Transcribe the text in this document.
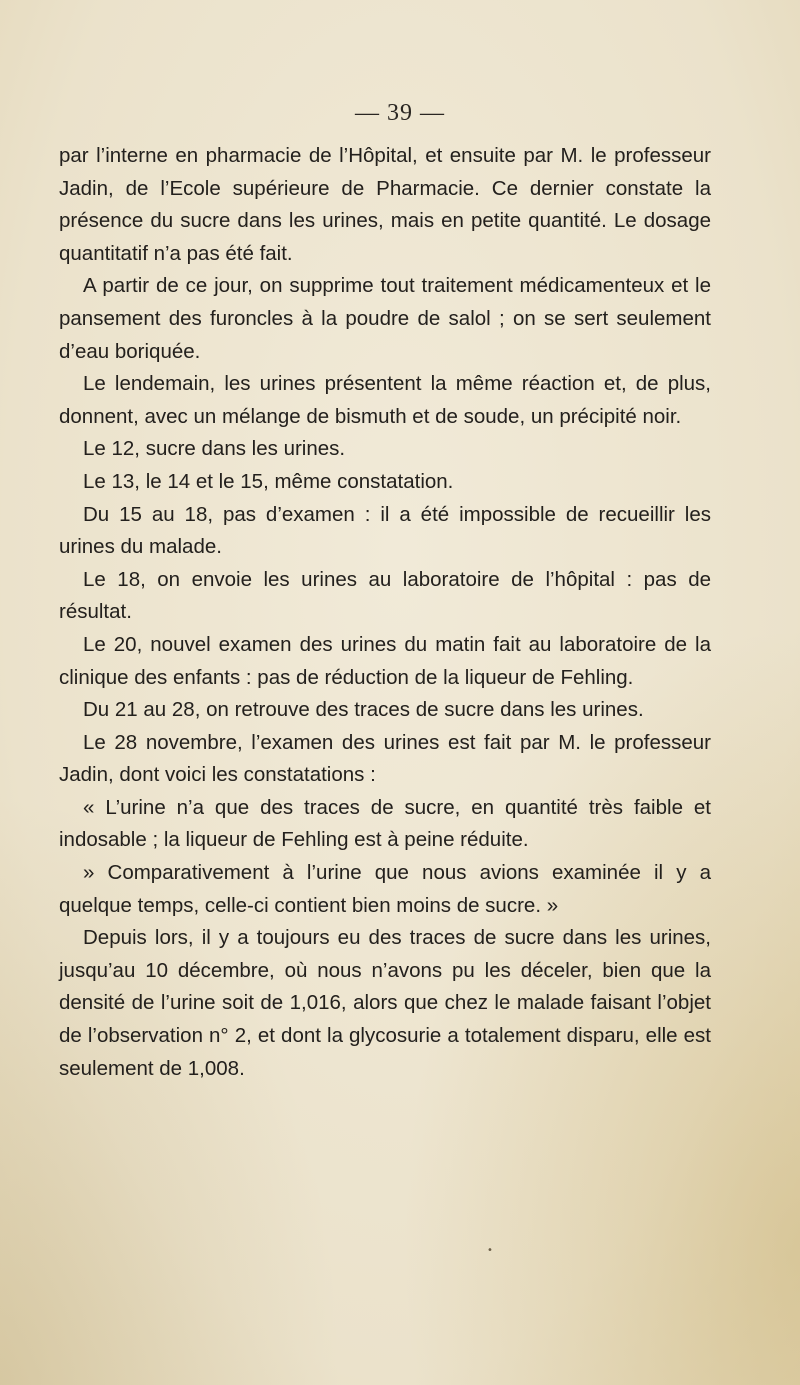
— 39 —

par l’interne en pharmacie de l’Hôpital, et ensuite par M. le professeur Jadin, de l’Ecole supérieure de Pharmacie. Ce dernier constate la présence du sucre dans les urines, mais en petite quantité. Le dosage quantitatif n’a pas été fait.

A partir de ce jour, on supprime tout traitement médicamenteux et le pansement des furoncles à la poudre de salol ; on se sert seulement d’eau boriquée.

Le lendemain, les urines présentent la même réaction et, de plus, donnent, avec un mélange de bismuth et de soude, un précipité noir.

Le 12, sucre dans les urines.

Le 13, le 14 et le 15, même constatation.

Du 15 au 18, pas d’examen : il a été impossible de recueillir les urines du malade.

Le 18, on envoie les urines au laboratoire de l’hôpital : pas de résultat.

Le 20, nouvel examen des urines du matin fait au laboratoire de la clinique des enfants : pas de réduction de la liqueur de Fehling.

Du 21 au 28, on retrouve des traces de sucre dans les urines.

Le 28 novembre, l’examen des urines est fait par M. le professeur Jadin, dont voici les constatations :

« L’urine n’a que des traces de sucre, en quantité très faible et indosable ; la liqueur de Fehling est à peine réduite.

» Comparativement à l’urine que nous avions examinée il y a quelque temps, celle-ci contient bien moins de sucre. »

Depuis lors, il y a toujours eu des traces de sucre dans les urines, jusqu’au 10 décembre, où nous n’avons pu les déceler, bien que la densité de l’urine soit de 1,016, alors que chez le malade faisant l’objet de l’observation n° 2, et dont la glycosurie a totalement disparu, elle est seulement de 1,008.

•
